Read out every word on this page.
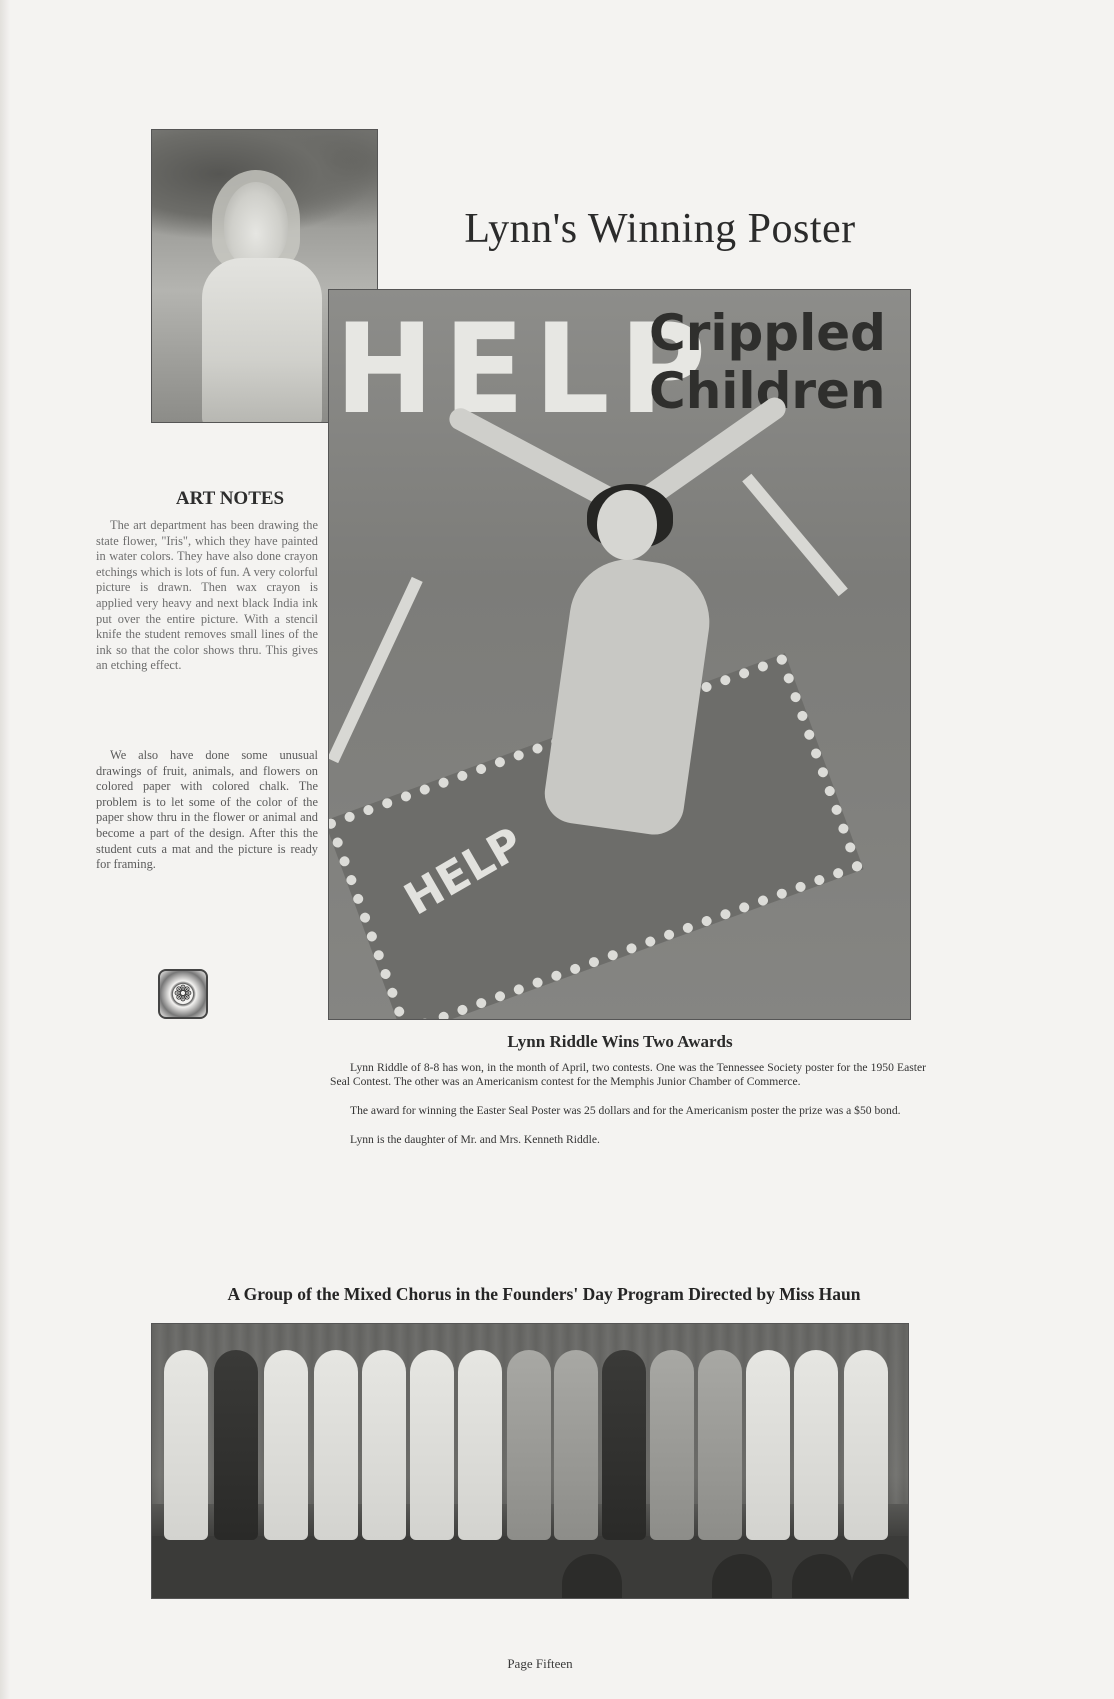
Lynn's Winning Poster
HELP
Crippled
Children
HELP
ART NOTES
The art department has been drawing the state flower, "Iris", which they have painted in water colors. They have also done crayon etchings which is lots of fun. A very colorful picture is drawn. Then wax crayon is applied very heavy and next black India ink put over the entire picture. With a stencil knife the student removes small lines of the ink so that the color shows thru. This gives an etching effect.
We also have done some unusual drawings of fruit, animals, and flowers on colored paper with colored chalk. The problem is to let some of the color of the paper show thru in the flower or animal and become a part of the design. After this the student cuts a mat and the picture is ready for framing.
❁
Lynn Riddle Wins Two Awards
Lynn Riddle of 8-8 has won, in the month of April, two contests. One was the Tennessee Society poster for the 1950 Easter Seal Contest. The other was an Americanism contest for the Memphis Junior Chamber of Commerce.
The award for winning the Easter Seal Poster was 25 dollars and for the Americanism poster the prize was a $50 bond.
Lynn is the daughter of Mr. and Mrs. Kenneth Riddle.
A Group of the Mixed Chorus in the Founders' Day Program Directed by Miss Haun
Page Fifteen
